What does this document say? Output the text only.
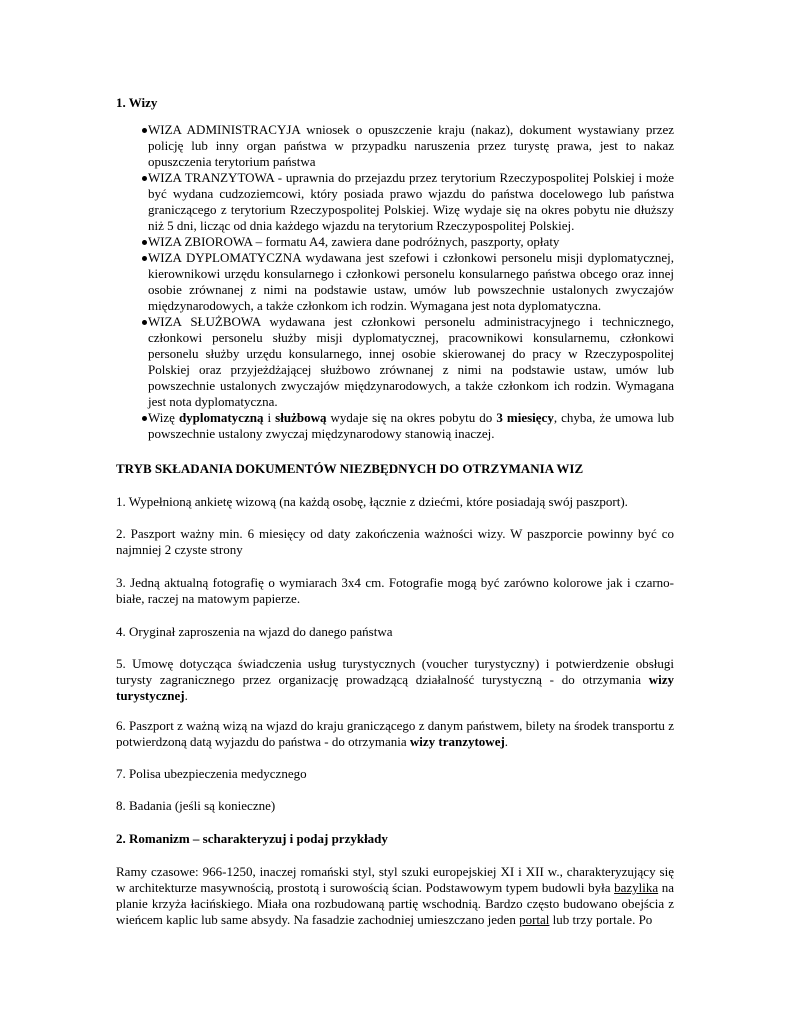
1. Wizy
WIZA ADMINISTRACYJA wniosek o opuszczenie kraju (nakaz), dokument wystawiany przez policję lub inny organ państwa w przypadku naruszenia przez turystę prawa, jest to nakaz opuszczenia terytorium państwa
WIZA TRANZYTOWA - uprawnia do przejazdu przez terytorium Rzeczypospolitej Polskiej i może być wydana cudzoziemcowi, który posiada prawo wjazdu do państwa docelowego lub państwa graniczącego z terytorium Rzeczypospolitej Polskiej. Wizę wydaje się na okres pobytu nie dłuższy niż 5 dni, licząc od dnia każdego wjazdu na terytorium Rzeczypospolitej Polskiej.
WIZA ZBIOROWA – formatu A4, zawiera dane podróżnych, paszporty, opłaty
WIZA DYPLOMATYCZNA wydawana jest szefowi i członkowi personelu misji dyplomatycznej, kierownikowi urzędu konsularnego i członkowi personelu konsularnego państwa obcego oraz innej osobie zrównanej z nimi na podstawie ustaw, umów lub powszechnie ustalonych zwyczajów międzynarodowych, a także członkom ich rodzin. Wymagana jest nota dyplomatyczna.
WIZA SŁUŻBOWA wydawana jest członkowi personelu administracyjnego i technicznego, członkowi personelu służby misji dyplomatycznej, pracownikowi konsularnemu, członkowi personelu służby urzędu konsularnego, innej osobie skierowanej do pracy w Rzeczypospolitej Polskiej oraz przyjeżdżającej służbowo zrównanej z nimi na podstawie ustaw, umów lub powszechnie ustalonych zwyczajów międzynarodowych, a także członkom ich rodzin. Wymagana jest nota dyplomatyczna.
Wizę dyplomatyczną i służbową wydaje się na okres pobytu do 3 miesięcy, chyba, że umowa lub powszechnie ustalony zwyczaj międzynarodowy stanowią inaczej.
TRYB SKŁADANIA DOKUMENTÓW NIEZBĘDNYCH DO OTRZYMANIA WIZ

1. Wypełnioną ankietę wizową (na każdą osobę, łącznie z dziećmi, które posiadają swój paszport).

2. Paszport ważny min. 6 miesięcy od daty zakończenia ważności wizy. W paszporcie powinny być co najmniej 2 czyste strony

3. Jedną aktualną fotografię o wymiarach 3x4 cm. Fotografie mogą być zarówno kolorowe jak i czarno-białe, raczej na matowym papierze.

4. Oryginał zaproszenia na wjazd do danego państwa

5. Umowę dotycząca świadczenia usług turystycznych (voucher turystyczny) i potwierdzenie obsługi turysty zagranicznego przez organizację prowadzącą działalność turystyczną - do otrzymania wizy turystycznej.

6. Paszport z ważną wizą na wjazd do kraju graniczącego z danym państwem, bilety na środek transportu z potwierdzoną datą wyjazdu do państwa - do otrzymania wizy tranzytowej.

7. Polisa ubezpieczenia medycznego

8. Badania (jeśli są konieczne)

2. Romanizm – scharakteryzuj i podaj przykłady

Ramy czasowe: 966-1250, inaczej romański styl, styl szuki europejskiej XI i XII w., charakteryzujący się w architekturze masywnością, prostotą i surowością ścian. Podstawowym typem budowli była bazylika na planie krzyża łacińskiego. Miała ona rozbudowaną partię wschodnią. Bardzo często budowano obejścia z wieńcem kaplic lub same absydy. Na fasadzie zachodniej umieszczano jeden portal lub trzy portale. Po
